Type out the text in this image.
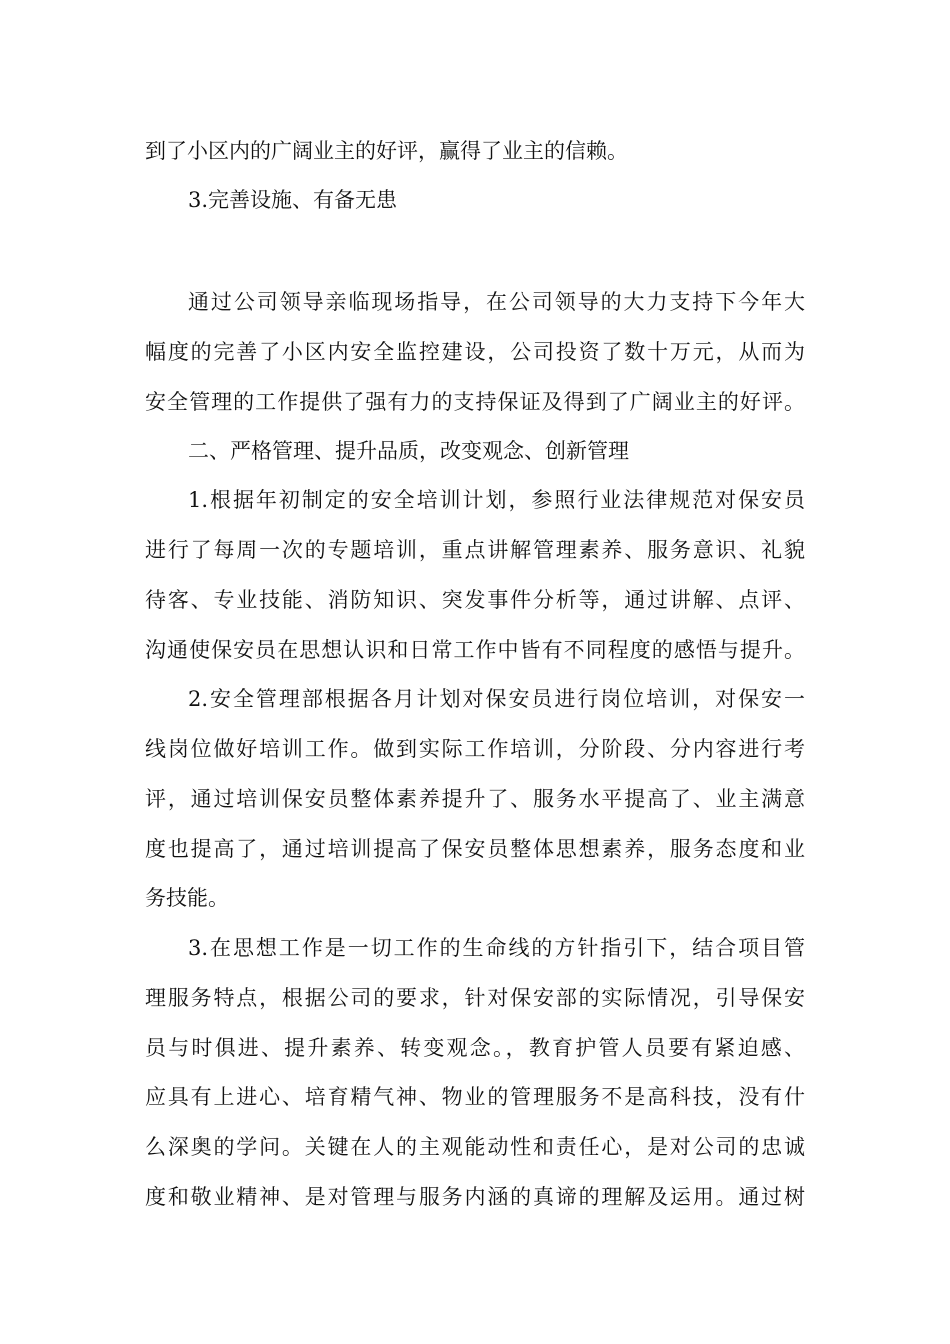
到了小区内的广阔业主的好评，赢得了业主的信赖。
3.完善设施、有备无患
通过公司领导亲临现场指导，在公司领导的大力支持下今年大
幅度的完善了小区内安全监控建设，公司投资了数十万元，从而为
安全管理的工作提供了强有力的支持保证及得到了广阔业主的好评。
二、严格管理、提升品质，改变观念、创新管理
1.根据年初制定的安全培训计划，参照行业法律规范对保安员
进行了每周一次的专题培训，重点讲解管理素养、服务意识、礼貌
待客、专业技能、消防知识、突发事件分析等，通过讲解、点评、
沟通使保安员在思想认识和日常工作中皆有不同程度的感悟与提升。
2.安全管理部根据各月计划对保安员进行岗位培训，对保安一
线岗位做好培训工作。做到实际工作培训，分阶段、分内容进行考
评，通过培训保安员整体素养提升了、服务水平提高了、业主满意
度也提高了，通过培训提高了保安员整体思想素养，服务态度和业
务技能。
3.在思想工作是一切工作的生命线的方针指引下，结合项目管
理服务特点，根据公司的要求，针对保安部的实际情况，引导保安
员与时俱进、提升素养、转变观念。，教育护管人员要有紧迫感、
应具有上进心、培育精气神、物业的管理服务不是高科技，没有什
么深奥的学问。关键在人的主观能动性和责任心，是对公司的忠诚
度和敬业精神、是对管理与服务内涵的真谛的理解及运用。通过树
